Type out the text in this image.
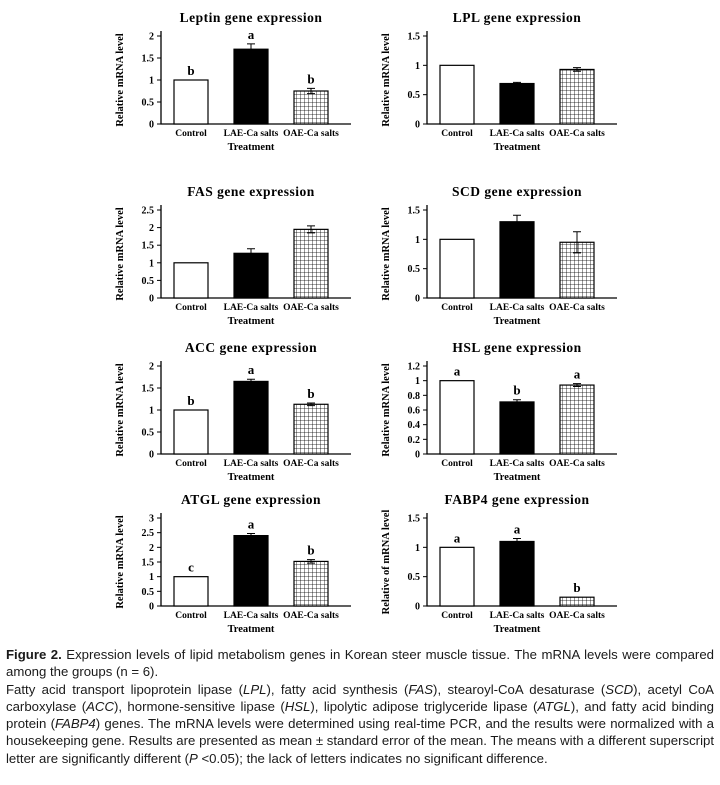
Leptin gene expression
0
0.5
1
1.5
2
Relative mRNA level	b
Control
a
LAE-Ca salts
b
OAE-Ca salts
Treatment
LPL gene expression
0
0.5
1
1.5
Relative mRNA level
Control LAE-Ca salts OAE-Ca salts
Treatment
FAS gene expression
0
0.5
1
1.5
2
2.5
Relative mRNA level
Control LAE-Ca salts OAE-Ca salts
Treatment
SCD gene expression
0
0.5
1
1.5
Relative mRNA level
Control LAE-Ca salts OAE-Ca salts
Treatment
ACC gene expression
0
0.5
1
1.5
2
Relative mRNA level	b
Control
a
LAE-Ca salts
b
OAE-Ca salts
Treatment
HSL gene expression
0
0.2
0.4
0.6
0.8
1
1.2
Relative mRNA level	a
Control
b
LAE-Ca salts
a
OAE-Ca salts
Treatment
ATGL gene expression
0
0.5
1
1.5
2
2.5
3
Relative mRNA level	c
Control
a
LAE-Ca salts
b
OAE-Ca salts
Treatment
FABP4 gene expression
0
0.5
1
1.5
Relative of mRNA level	a
Control
a
LAE-Ca salts
b
OAE-Ca salts
Treatment

Figure 2. Expression levels of lipid metabolism genes in Korean steer muscle tissue. The mRNA levels were compared among the groups (n = 6).

Fatty acid transport lipoprotein lipase (LPL), fatty acid synthesis (FAS), stearoyl-CoA desaturase (SCD), acetyl CoA carboxylase (ACC), hormone-sensitive lipase (HSL), lipolytic adipose triglyceride lipase (ATGL), and fatty acid binding protein (FABP4) genes. The mRNA levels were determined using real-time PCR, and the results were normalized with a housekeeping gene. Results are presented as mean ± standard error of the mean. The means with a different superscript letter are significantly different (P <0.05); the lack of letters indicates no significant difference.
